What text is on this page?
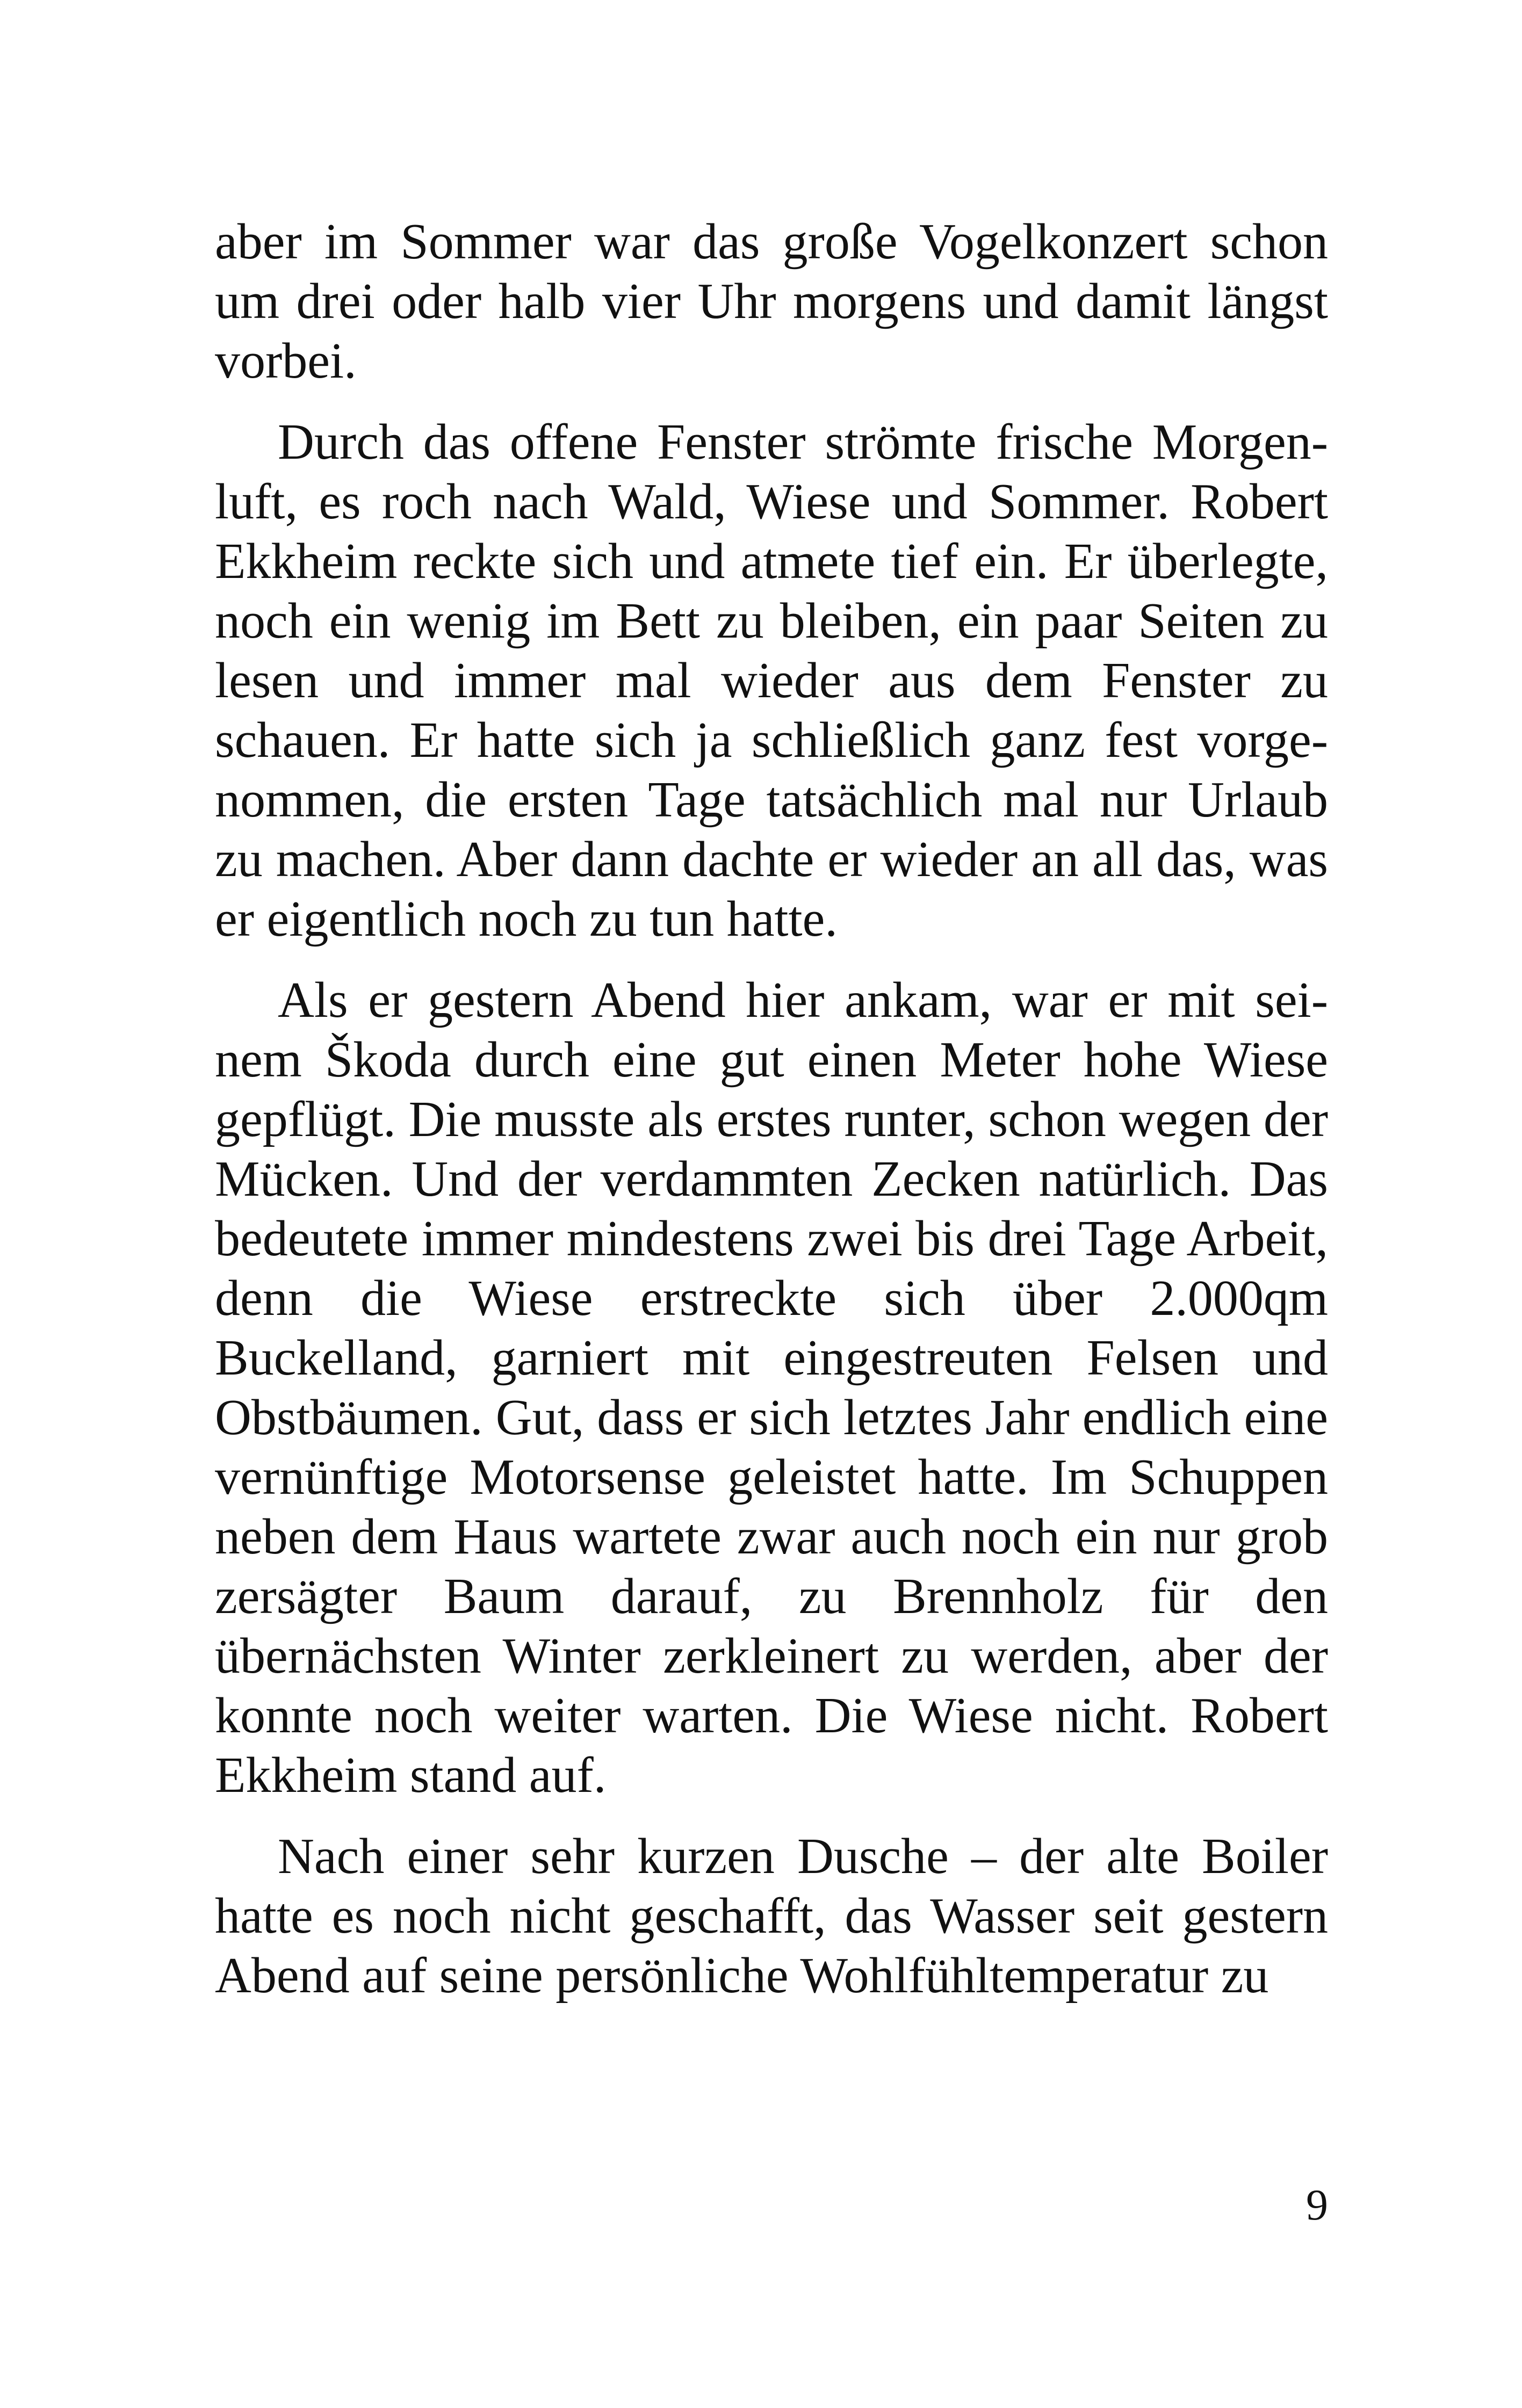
aber im Sommer war das große Vogelkonzert schon um drei oder halb vier Uhr morgens und damit längst vorbei.

Durch das offene Fenster strömte frische Morgenluft, es roch nach Wald, Wiese und Sommer. Robert Ekkheim reckte sich und atmete tief ein. Er überlegte, noch ein wenig im Bett zu bleiben, ein paar Seiten zu lesen und immer mal wieder aus dem Fenster zu schauen. Er hatte sich ja schließlich ganz fest vorgenommen, die ersten Tage tatsächlich mal nur Urlaub zu machen. Aber dann dachte er wieder an all das, was er eigentlich noch zu tun hatte.

Als er gestern Abend hier ankam, war er mit seinem Škoda durch eine gut einen Meter hohe Wiese gepflügt. Die musste als erstes runter, schon wegen der Mücken. Und der verdammten Zecken natürlich. Das bedeutete immer mindestens zwei bis drei Tage Arbeit, denn die Wiese erstreckte sich über 2.000qm Buckelland, garniert mit eingestreuten Felsen und Obstbäumen. Gut, dass er sich letztes Jahr endlich eine vernünftige Motorsense geleistet hatte. Im Schuppen neben dem Haus wartete zwar auch noch ein nur grob zersägter Baum darauf, zu Brennholz für den übernächsten Winter zerkleinert zu werden, aber der konnte noch weiter warten. Die Wiese nicht. Robert Ekkheim stand auf.

Nach einer sehr kurzen Dusche – der alte Boiler hatte es noch nicht geschafft, das Wasser seit gestern Abend auf seine persönliche Wohlfühltemperatur zu

9
